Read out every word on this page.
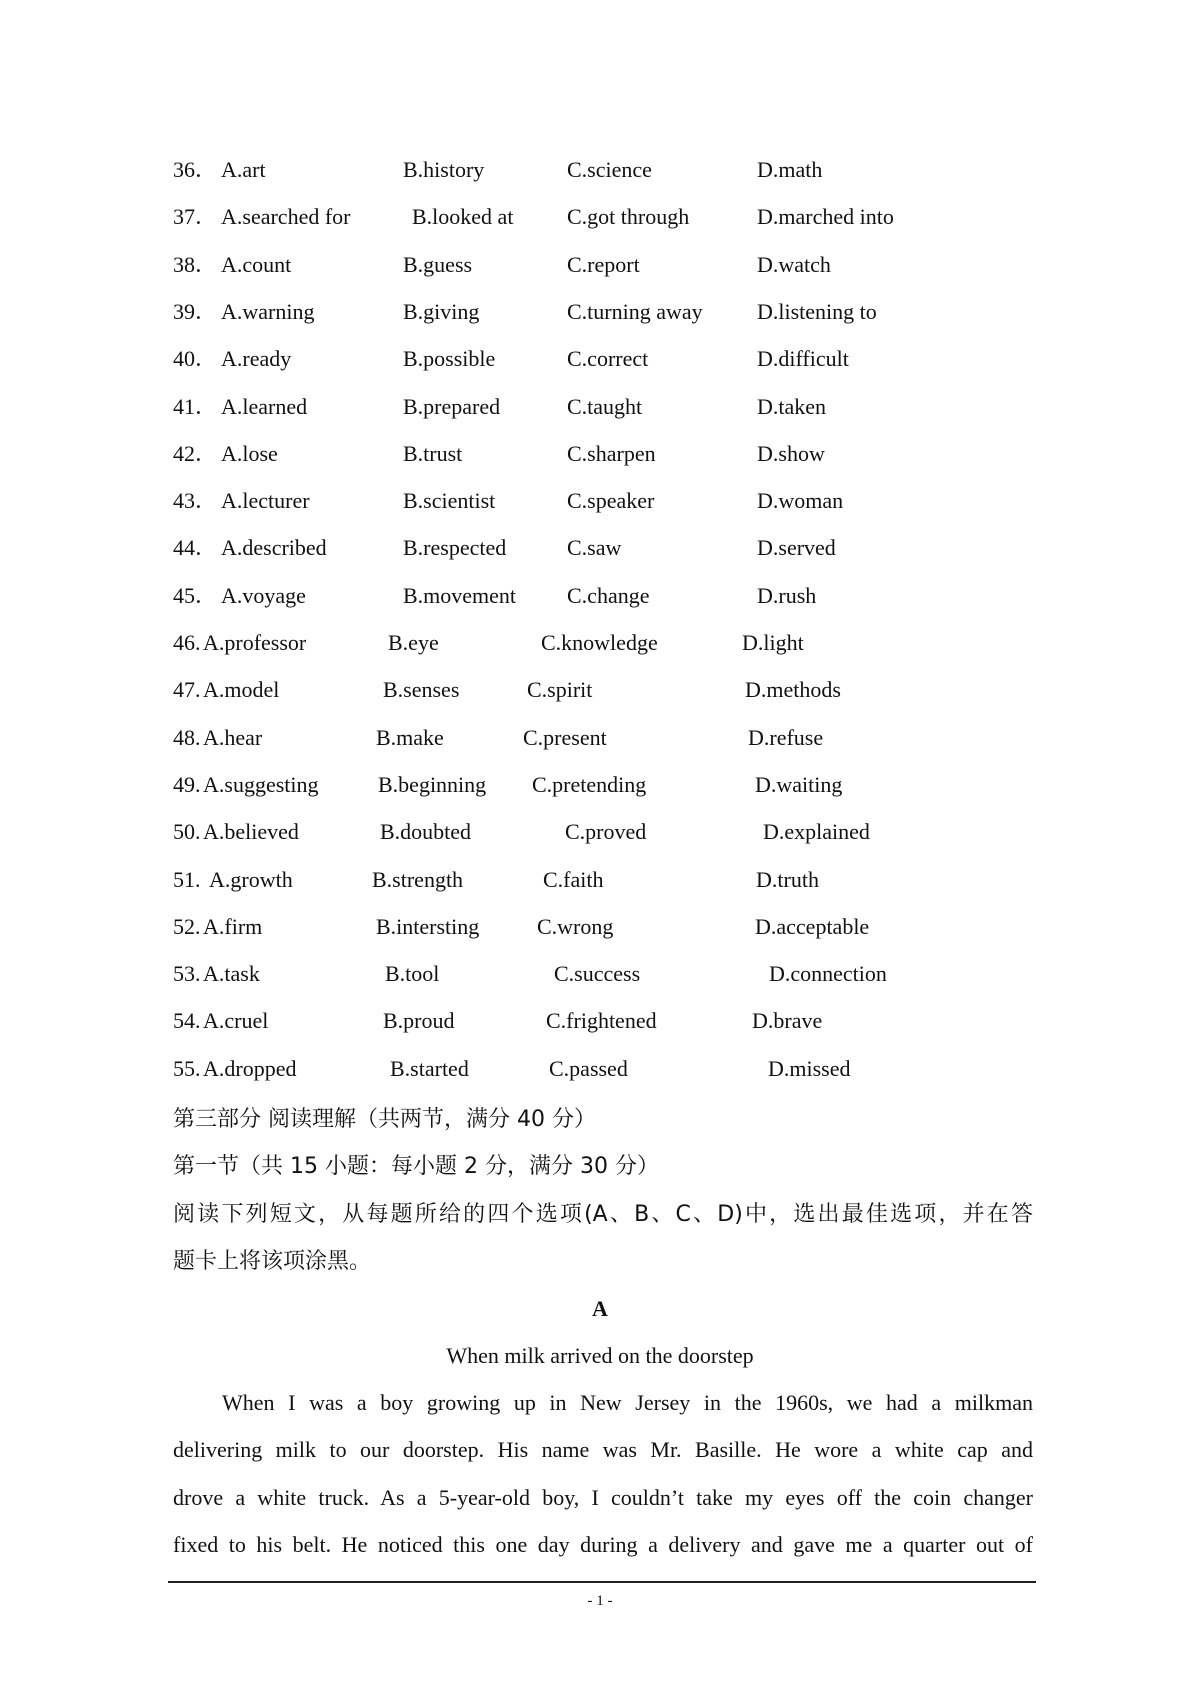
36． A.art	B.history	C.science	D.math
37． A.searched for	B.looked at C.got through	D.marched into
38． A.count	B.guess	C.report	D.watch
39． A.warning	B.giving	C.turning away D.listening to
40． A.ready	B.possible	C.correct	D.difficult
41． A.learned	B.prepared	C.taught	D.taken
42． A.lose	B.trust	C.sharpen	D.show
43． A.lecturer	B.scientist	C.speaker	D.woman
44． A.described	B.respected	C.saw	D.served
45． A.voyage	B.movement C.change	D.rush
46. A.professor	B.eye	C.knowledge	D.light
47. A.model	B.senses	C.spirit	D.methods
48. A.hear	B.make	C.present	D.refuse
49. A.suggesting	B.beginning C.pretending	D.waiting
50. A.believed	B.doubted	C.proved	D.explained
51. A.growth	B.strength	C.faith	D.truth
52. A.firm	B.intersting	C.wrong	D.acceptable
53. A.task	B.tool	C.success	D.connection
54. A.cruel	B.proud	C.frightened	D.brave
55. A.dropped	B.started	C.passed	D.missed
第三部分 阅读理解（共两节，满分 40 分）
第一节（共 15 小题：每小题 2 分，满分 30 分）
阅读下列短文，从每题所给的四个选项(A、B、C、D)中，选出最佳选项，并在答
题卡上将该项涂黑。
A
When milk arrived on the doorstep
When I was a boy growing up in New Jersey in the 1960s, we had a milkman
delivering milk to our doorstep. His name was Mr. Basille. He wore a white cap and
drove a white truck. As a 5-year-old boy, I couldn’t take my eyes off the coin changer
fixed to his belt. He noticed this one day during a delivery and gave me a quarter out of
- 1 -
